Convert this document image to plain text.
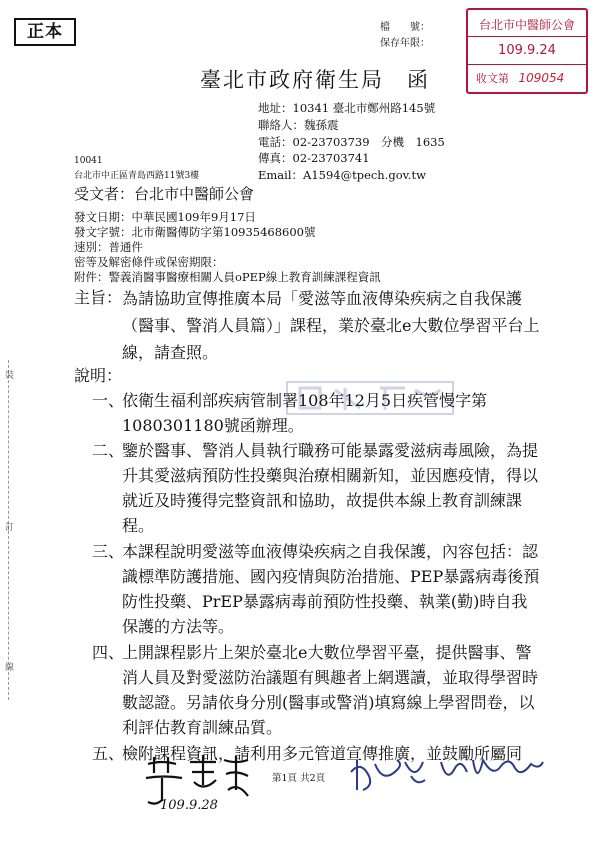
正本	檔　　號：
保存年限：
台北市中醫師公會
109.9.24
收文第 109054
臺北市政府衛生局　函
地址：10341 臺北市鄭州路145號
聯絡人：魏孫震
電話：02-23703739　分機　1635
傳真：02-23703741
Email：A1594@tpech.gov.tw
10041
台北市中正區青島西路11號3樓
受文者：台北市中醫師公會
發文日期：中華民國109年9月17日
發文字號：北市衛醫傳防字第10935468600號
速別：普通件
密等及解密條件或保密期限：
附件：警義消醫事醫療相關人員oPEP線上教育訓練課程資訊
主旨： 為請協助宣傳推廣本局「愛滋等血液傳染疾病之自我保護（醫事、警消人員篇）」課程，業於臺北e大數位學習平台上線，請查照。
說明：
一、
依衛生福利部疾病管制署108年12月5日疾管慢字第1080301180號函辦理。
二、
鑒於醫事、警消人員執行職務可能暴露愛滋病毒風險，為提升其愛滋病預防性投藥與治療相關新知，並因應疫情，得以就近及時獲得完整資訊和協助，故提供本線上教育訓練課程。
三、
本課程說明愛滋等血液傳染疾病之自我保護，內容包括：認識標準防護措施、國內疫情與防治措施、PEP暴露病毒後預防性投藥、PrEP暴露病毒前預防性投藥、執業(勤)時自我保護的方法等。
四、
上開課程影片上架於臺北e大數位學習平臺，提供醫事、警消人員及對愛滋防治議題有興趣者上網選讀，並取得學習時數認證。另請依身分別(醫事或警消)填寫線上學習問卷，以利評估教育訓練品質。
五、
檢附課程資訊，請利用多元管道宣傳推廣，並鼓勵所屬同
裝
訂
線
109.9.28
第1頁 共2頁
